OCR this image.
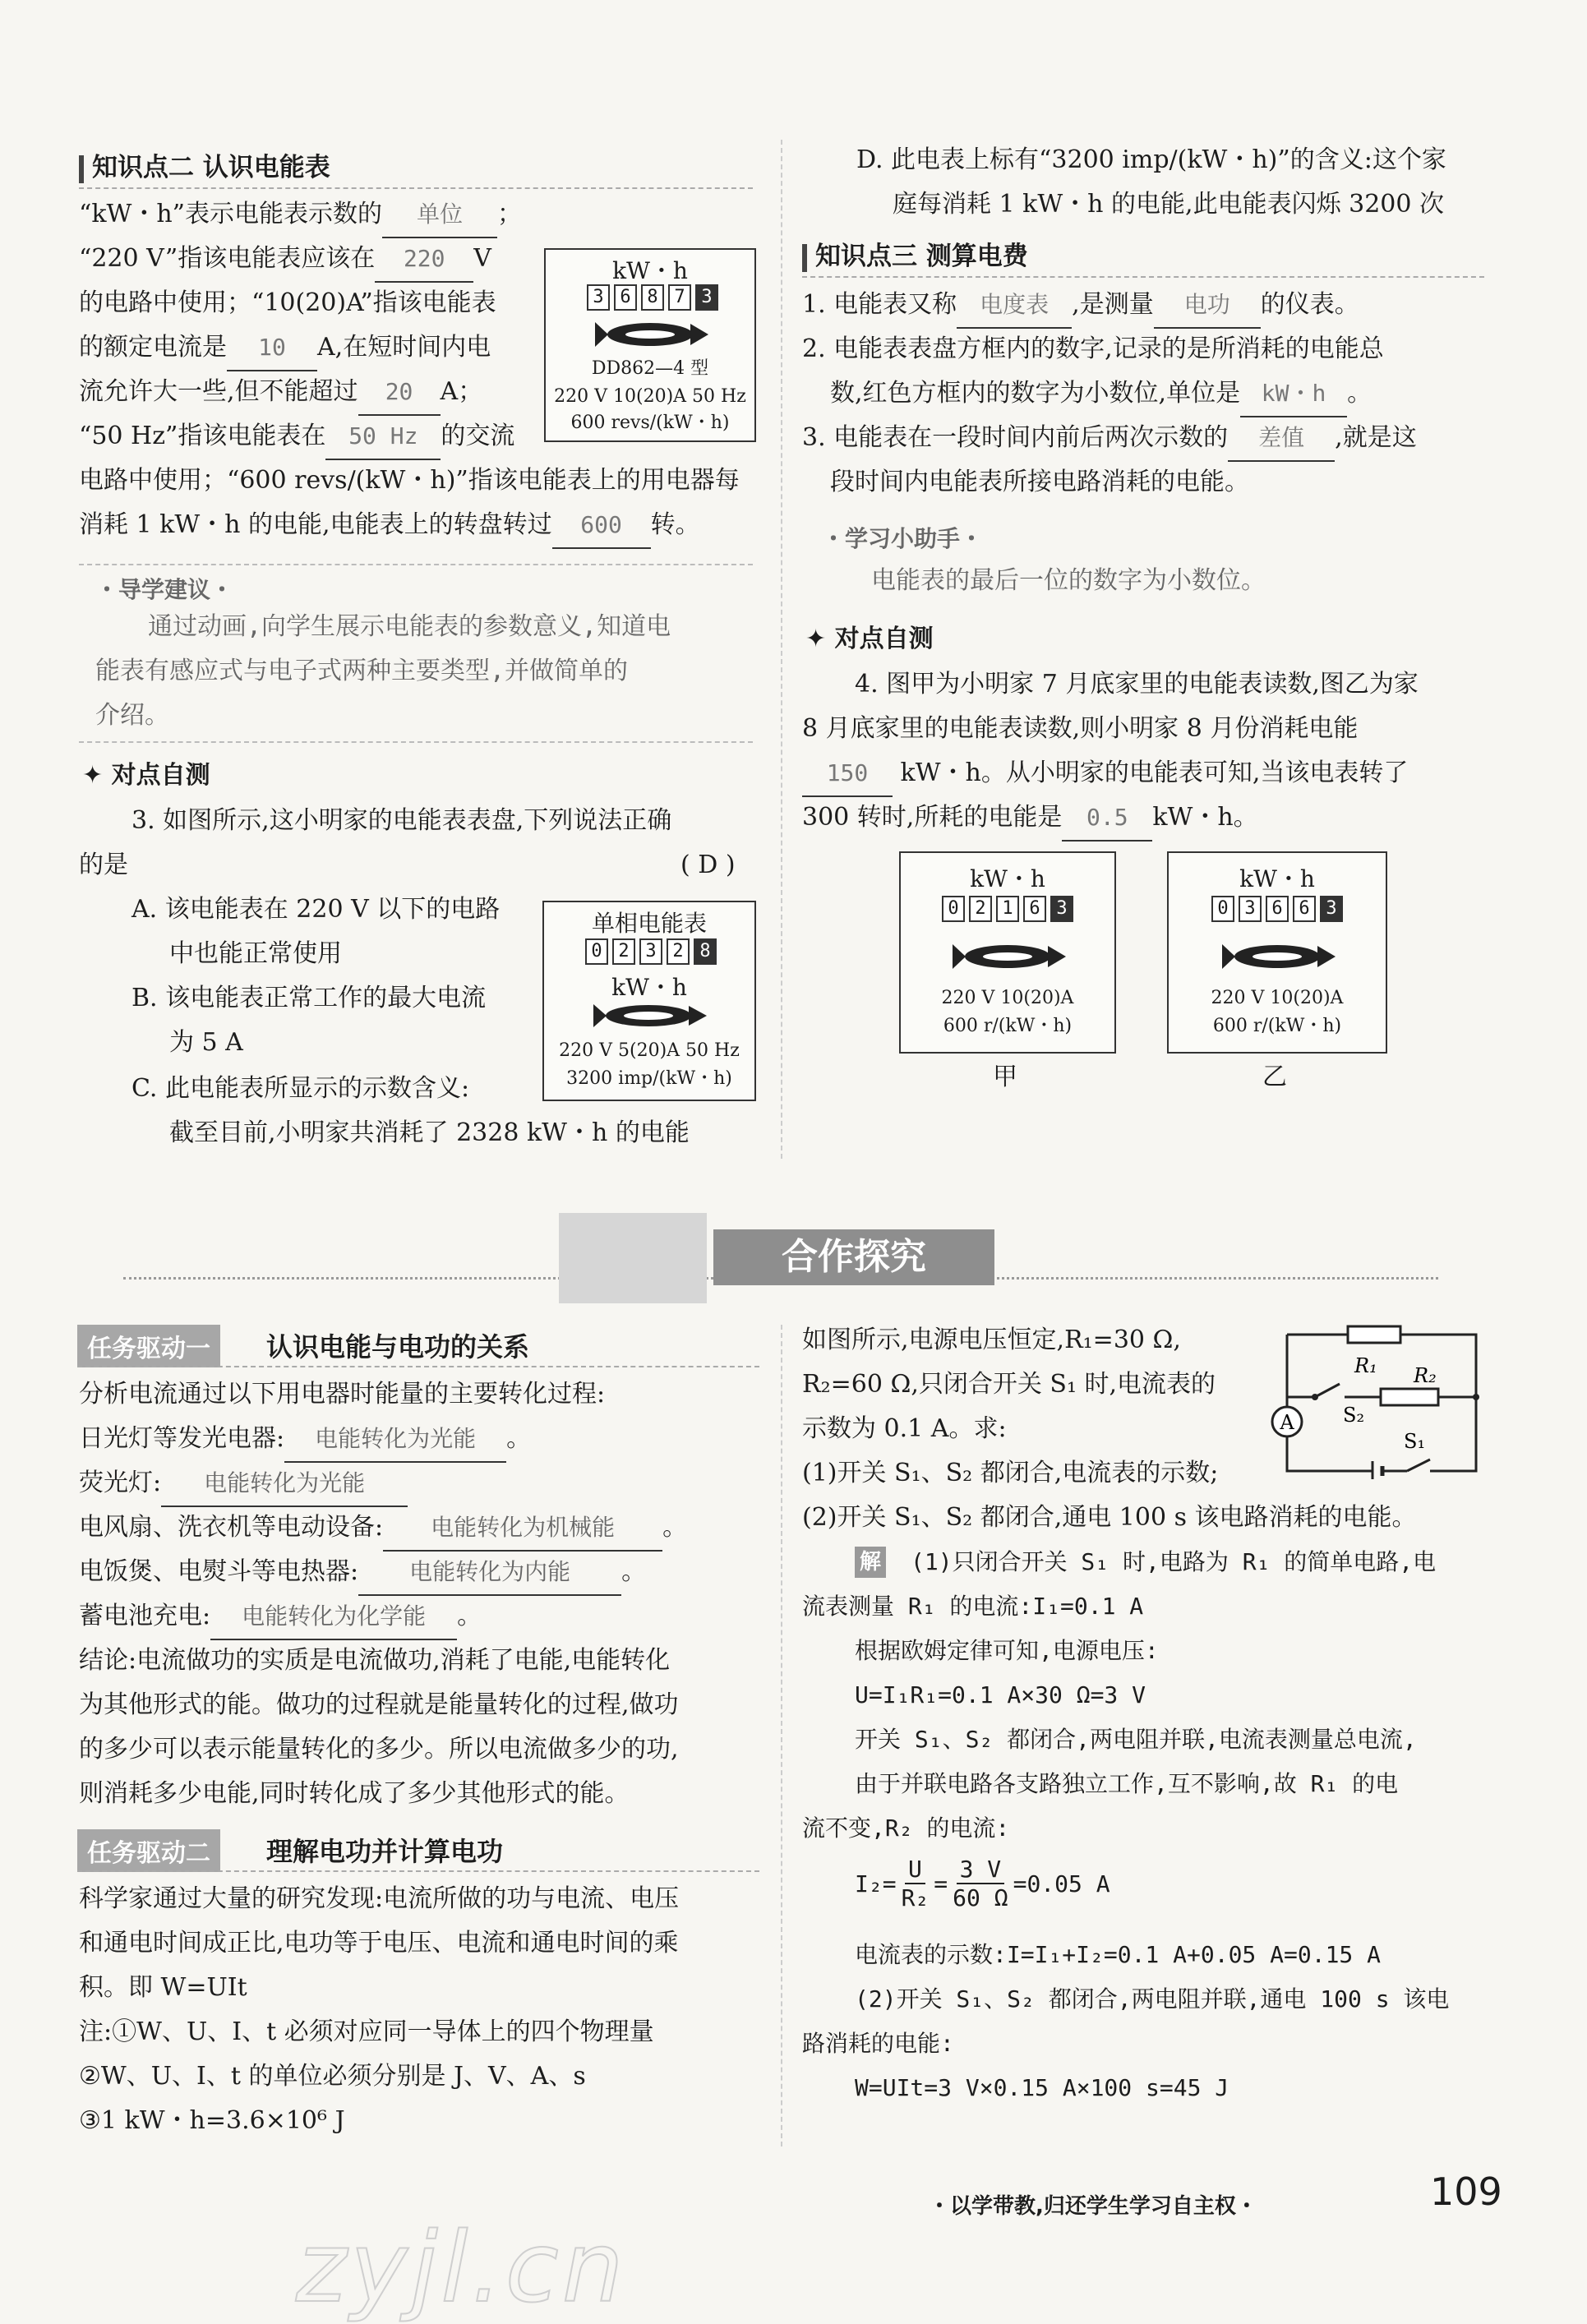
知识点二 认识电能表
“kW・h”表示电能表示数的 单位 ；
“220 V”指该电能表应该在 220 V
的电路中使用；“10(20)A”指该电能表
的额定电流是 10 A,在短时间内电
流允许大一些,但不能超过 20 A；
“50 Hz”指该电能表在 50 Hz 的交流
电路中使用；“600 revs/(kW・h)”指该电能表上的用电器每
消耗 1 kW・h 的电能,电能表上的转盘转过 600 转。
kW・h
3 6 8 7 3
DD862—4 型
220 V 10(20)A 50 Hz
600 revs/(kW・h)
・导学建议・
通过动画,向学生展示电能表的参数意义,知道电
能表有感应式与电子式两种主要类型,并做简单的
介绍。
✦ 对点自测
3. 如图所示,这小明家的电能表表盘,下列说法正确
的是	( D )
A. 该电能表在 220 V 以下的电路
中也能正常使用
B. 该电能表正常工作的最大电流
为 5 A
C. 此电能表所显示的示数含义:
截至目前,小明家共消耗了 2328 kW・h 的电能
单相电能表
0 2 3 2 8
kW・h
220 V 5(20)A 50 Hz
3200 imp/(kW・h)
D. 此电表上标有“3200 imp/(kW・h)”的含义:这个家
庭每消耗 1 kW・h 的电能,此电能表闪烁 3200 次
知识点三 测算电费
1. 电能表又称 电度表 ,是测量 电功 的仪表。
2. 电能表表盘方框内的数字,记录的是所消耗的电能总
数,红色方框内的数字为小数位,单位是 kW・h 。
3. 电能表在一段时间内前后两次示数的 差值 ,就是这
段时间内电能表所接电路消耗的电能。
・学习小助手・
电能表的最后一位的数字为小数位。
✦ 对点自测
4. 图甲为小明家 7 月底家里的电能表读数,图乙为家
8 月底家里的电能表读数,则小明家 8 月份消耗电能
150 kW・h。从小明家的电能表可知,当该电表转了
300 转时,所耗的电能是 0.5 kW・h。
kW・h
0 2 1 6 3
220 V 10(20)A
600 r/(kW・h)
甲
kW・h
0 3 6 6 3
220 V 10(20)A
600 r/(kW・h)
乙
合作探究
任务驱动一	认识电能与电功的关系
分析电流通过以下用电器时能量的主要转化过程:
日光灯等发光电器: 电能转化为光能 。
荧光灯: 电能转化为光能
电风扇、洗衣机等电动设备: 电能转化为机械能 。
电饭煲、电熨斗等电热器: 电能转化为内能 。
蓄电池充电: 电能转化为化学能 。
结论:电流做功的实质是电流做功,消耗了电能,电能转化
为其他形式的能。做功的过程就是能量转化的过程,做功
的多少可以表示能量转化的多少。所以电流做多少的功,
则消耗多少电能,同时转化成了多少其他形式的能。
任务驱动二	理解电功并计算电功
科学家通过大量的研究发现:电流所做的功与电流、电压
和通电时间成正比,电功等于电压、电流和通电时间的乘
积。即 W=UIt
注:①W、U、I、t 必须对应同一导体上的四个物理量
②W、U、I、t 的单位必须分别是 J、V、A、s
③1 kW・h=3.6×10⁶ J
如图所示,电源电压恒定,R₁=30 Ω,
R₂=60 Ω,只闭合开关 S₁ 时,电流表的
示数为 0.1 A。求:
(1)开关 S₁、S₂ 都闭合,电流表的示数;
(2)开关 S₁、S₂ 都闭合,通电 100 s 该电路消耗的电能。
A
R₁ R₂
S₂
S₁
解 (1)只闭合开关 S₁ 时,电路为 R₁ 的简单电路,电
流表测量 R₁ 的电流:I₁=0.1 A
根据欧姆定律可知,电源电压:
U=I₁R₁=0.1 A×30 Ω=3 V
开关 S₁、S₂ 都闭合,两电阻并联,电流表测量总电流,
由于并联电路各支路独立工作,互不影响,故 R₁ 的电
流不变,R₂ 的电流:
$I_2= \frac{U}{\text{R₂}} = \frac{3 V}{60 \Omega} =0.05$ A
电流表的示数:I=I₁+I₂=0.1 A+0.05 A=0.15 A
(2)开关 S₁、S₂ 都闭合,两电阻并联,通电 100 s 该电
路消耗的电能:
W=UIt=3 V×0.15 A×100 s=45 J
・以学带教,归还学生学习自主权・	109
zyjl.cn
